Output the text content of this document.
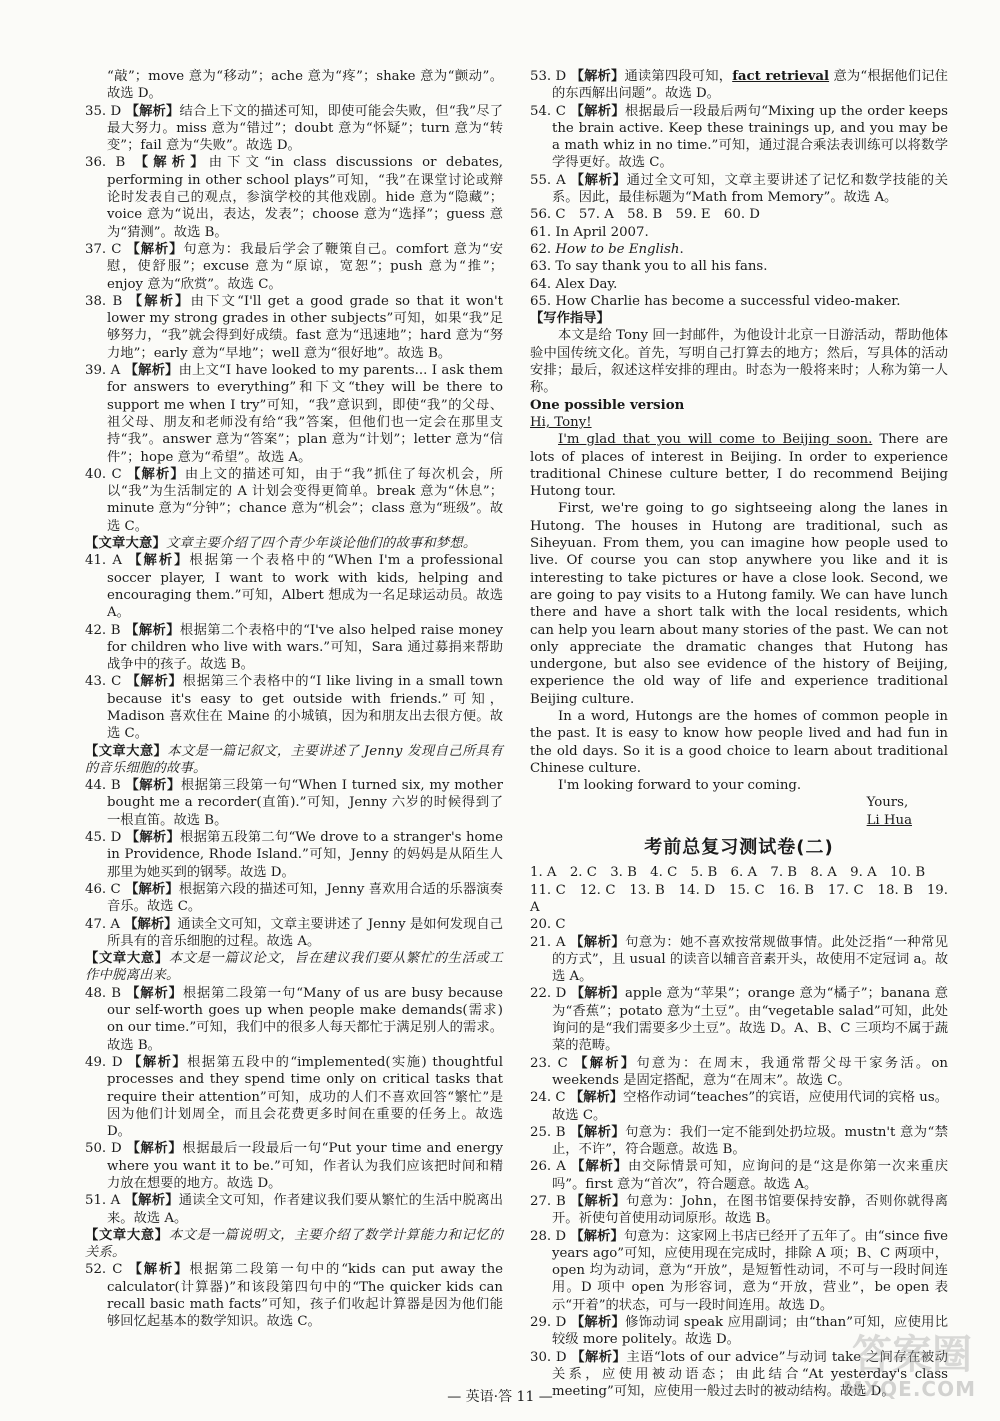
“敲”；move 意为“移动”；ache 意为“疼”；shake 意为“颤动”。故选 D。
35. D 【解析】结合上下文的描述可知，即使可能会失败，但“我”尽了最大努力。miss 意为“错过”；doubt 意为“怀疑”；turn 意为“转变”；fail 意为“失败”。故选 D。
36. B 【解析】由下文“in class discussions or debates, performing in other school plays”可知，“我”在课堂讨论或辩论时发表自己的观点，参演学校的其他戏剧。hide 意为“隐藏”；voice 意为“说出，表达，发表”；choose 意为“选择”；guess 意为“猜测”。故选 B。
37. C 【解析】句意为：我最后学会了鞭策自己。comfort 意为“安慰，使舒服”；excuse 意为“原谅，宽恕”；push 意为“推”；enjoy 意为“欣赏”。故选 C。
38. B 【解析】由下文“I'll get a good grade so that it won't lower my strong grades in other subjects”可知，如果“我”足够努力，“我”就会得到好成绩。fast 意为“迅速地”；hard 意为“努力地”；early 意为“早地”；well 意为“很好地”。故选 B。
39. A 【解析】由上文“I have looked to my parents... I ask them for answers to everything”和下文“they will be there to support me when I try”可知，“我”意识到，即使“我”的父母、祖父母、朋友和老师没有给“我”答案，但他们也一定会在那里支持“我”。answer 意为“答案”；plan 意为“计划”；letter 意为“信件”；hope 意为“希望”。故选 A。
40. C 【解析】由上文的描述可知，由于“我”抓住了每次机会，所以“我”为生活制定的 A 计划会变得更简单。break 意为“休息”；minute 意为“分钟”；chance 意为“机会”；class 意为“班级”。故选 C。
【文章大意】文章主要介绍了四个青少年谈论他们的故事和梦想。
41. A 【解析】根据第一个表格中的“When I'm a professional soccer player, I want to work with kids, helping and encouraging them.”可知，Albert 想成为一名足球运动员。故选 A。
42. B 【解析】根据第二个表格中的“I've also helped raise money for children who live with wars.”可知，Sara 通过募捐来帮助战争中的孩子。故选 B。
43. C 【解析】根据第三个表格中的“I like living in a small town because it's easy to get outside with friends.”可知，Madison 喜欢住在 Maine 的小城镇，因为和朋友出去很方便。故选 C。
【文章大意】本文是一篇记叙文，主要讲述了 Jenny 发现自己所具有的音乐细胞的故事。
44. B 【解析】根据第三段第一句“When I turned six, my mother bought me a recorder(直笛).”可知，Jenny 六岁的时候得到了一根直笛。故选 B。
45. D 【解析】根据第五段第二句“We drove to a stranger's home in Providence, Rhode Island.”可知，Jenny 的妈妈是从陌生人那里为她买到的钢琴。故选 D。
46. C 【解析】根据第六段的描述可知，Jenny 喜欢用合适的乐器演奏音乐。故选 C。
47. A 【解析】通读全文可知，文章主要讲述了 Jenny 是如何发现自己所具有的音乐细胞的过程。故选 A。
【文章大意】本文是一篇议论文，旨在建议我们要从繁忙的生活或工作中脱离出来。
48. B 【解析】根据第二段第一句“Many of us are busy because our self-worth goes up when people make demands(需求) on our time.”可知，我们中的很多人每天都忙于满足别人的需求。故选 B。
49. D 【解析】根据第五段中的“implemented(实施) thoughtful processes and they spend time only on critical tasks that require their attention”可知，成功的人们不喜欢回答“繁忙”是因为他们计划周全，而且会花费更多时间在重要的任务上。故选 D。
50. D 【解析】根据最后一段最后一句“Put your time and energy where you want it to be.”可知，作者认为我们应该把时间和精力放在想要的地方。故选 D。
51. A 【解析】通读全文可知，作者建议我们要从繁忙的生活中脱离出来。故选 A。
【文章大意】本文是一篇说明文，主要介绍了数学计算能力和记忆的关系。
52. C 【解析】根据第二段第一句中的“kids can put away the calculator(计算器)”和该段第四句中的“The quicker kids can recall basic math facts”可知，孩子们收起计算器是因为他们能够回忆起基本的数学知识。故选 C。
53. D 【解析】通读第四段可知，fact retrieval 意为“根据他们记住的东西解出问题”。故选 D。
54. C 【解析】根据最后一段最后两句“Mixing up the order keeps the brain active. Keep these trainings up, and you may be a math whiz in no time.”可知，通过混合乘法表训练可以将数学学得更好。故选 C。
55. A 【解析】通过全文可知，文章主要讲述了记忆和数学技能的关系。因此，最佳标题为“Math from Memory”。故选 A。
56. C　57. A　58. B　59. E　60. D
61. In April 2007.
62. How to be English.
63. To say thank you to all his fans.
64. Alex Day.
65. How Charlie has become a successful video-maker.
【写作指导】

本文是给 Tony 回一封邮件，为他设计北京一日游活动，帮助他体验中国传统文化。首先，写明自己打算去的地方；然后，写具体的活动安排；最后，叙述这样安排的理由。时态为一般将来时；人称为第一人称。

One possible version
Hi, Tony!

I'm glad that you will come to Beijing soon. There are lots of places of interest in Beijing. In order to experience traditional Chinese culture better, I do recommend Beijing Hutong tour.

First, we're going to go sightseeing along the lanes in Hutong. The houses in Hutong are traditional, such as Siheyuan. From them, you can imagine how people used to live. Of course you can stop anywhere you like and it is interesting to take pictures or have a close look. Second, we are going to pay visits to a Hutong family. We can have lunch there and have a short talk with the local residents, which can help you learn about many stories of the past. We can not only appreciate the dramatic changes that Hutong has undergone, but also see evidence of the history of Beijing, experience the old way of life and experience traditional Beijing culture.

In a word, Hutongs are the homes of common people in the past. It is easy to know how people lived and had fun in the old days. So it is a good choice to learn about traditional Chinese culture.

I'm looking forward to your coming.

Yours,
Li Hua
考前总复习测试卷(二)
1. A　2. C　3. B　4. C　5. B　6. A　7. B　8. A　9. A　10. B
11. C　12. C　13. B　14. D　15. C　16. B　17. C　18. B　19. A
20. C
21. A 【解析】句意为：她不喜欢按常规做事情。此处泛指“一种常见的方式”，且 usual 的读音以辅音音素开头，故使用不定冠词 a。故选 A。
22. D 【解析】apple 意为“苹果”；orange 意为“橘子”；banana 意为“香蕉”；potato 意为“土豆”。由“vegetable salad”可知，此处询问的是“我们需要多少土豆”。故选 D。A、B、C 三项均不属于蔬菜的范畴。
23. C 【解析】句意为：在周末，我通常帮父母干家务活。on weekends 是固定搭配，意为“在周末”。故选 C。
24. C 【解析】空格作动词“teaches”的宾语，应使用代词的宾格 us。故选 C。
25. B 【解析】句意为：我们一定不能到处扔垃圾。mustn't 意为“禁止，不许”，符合题意。故选 B。
26. A 【解析】由交际情景可知，应询问的是“这是你第一次来重庆吗”。first 意为“首次”，符合题意。故选 A。
27. B 【解析】句意为：John，在图书馆要保持安静，否则你就得离开。祈使句首使用动词原形。故选 B。
28. D 【解析】句意为：这家网上书店已经开了五年了。由“since five years ago”可知，应使用现在完成时，排除 A 项；B、C 两项中，open 均为动词，意为“开放”，是短暂性动词，不可与一段时间连用。D 项中 open 为形容词，意为“开放，营业”，be open 表示“开着”的状态，可与一段时间连用。故选 D。
29. D 【解析】修饰动词 speak 应用副词；由“than”可知，应使用比较级 more politely。故选 D。
30. D 【解析】主语“lots of our advice”与动词 take 之间存在被动关系，应使用被动语态；由此结合“At yesterday's class meeting”可知，应使用一般过去时的被动结构。故选 D。
— 英语·答 11 —
答案圈
MXQE.COM
